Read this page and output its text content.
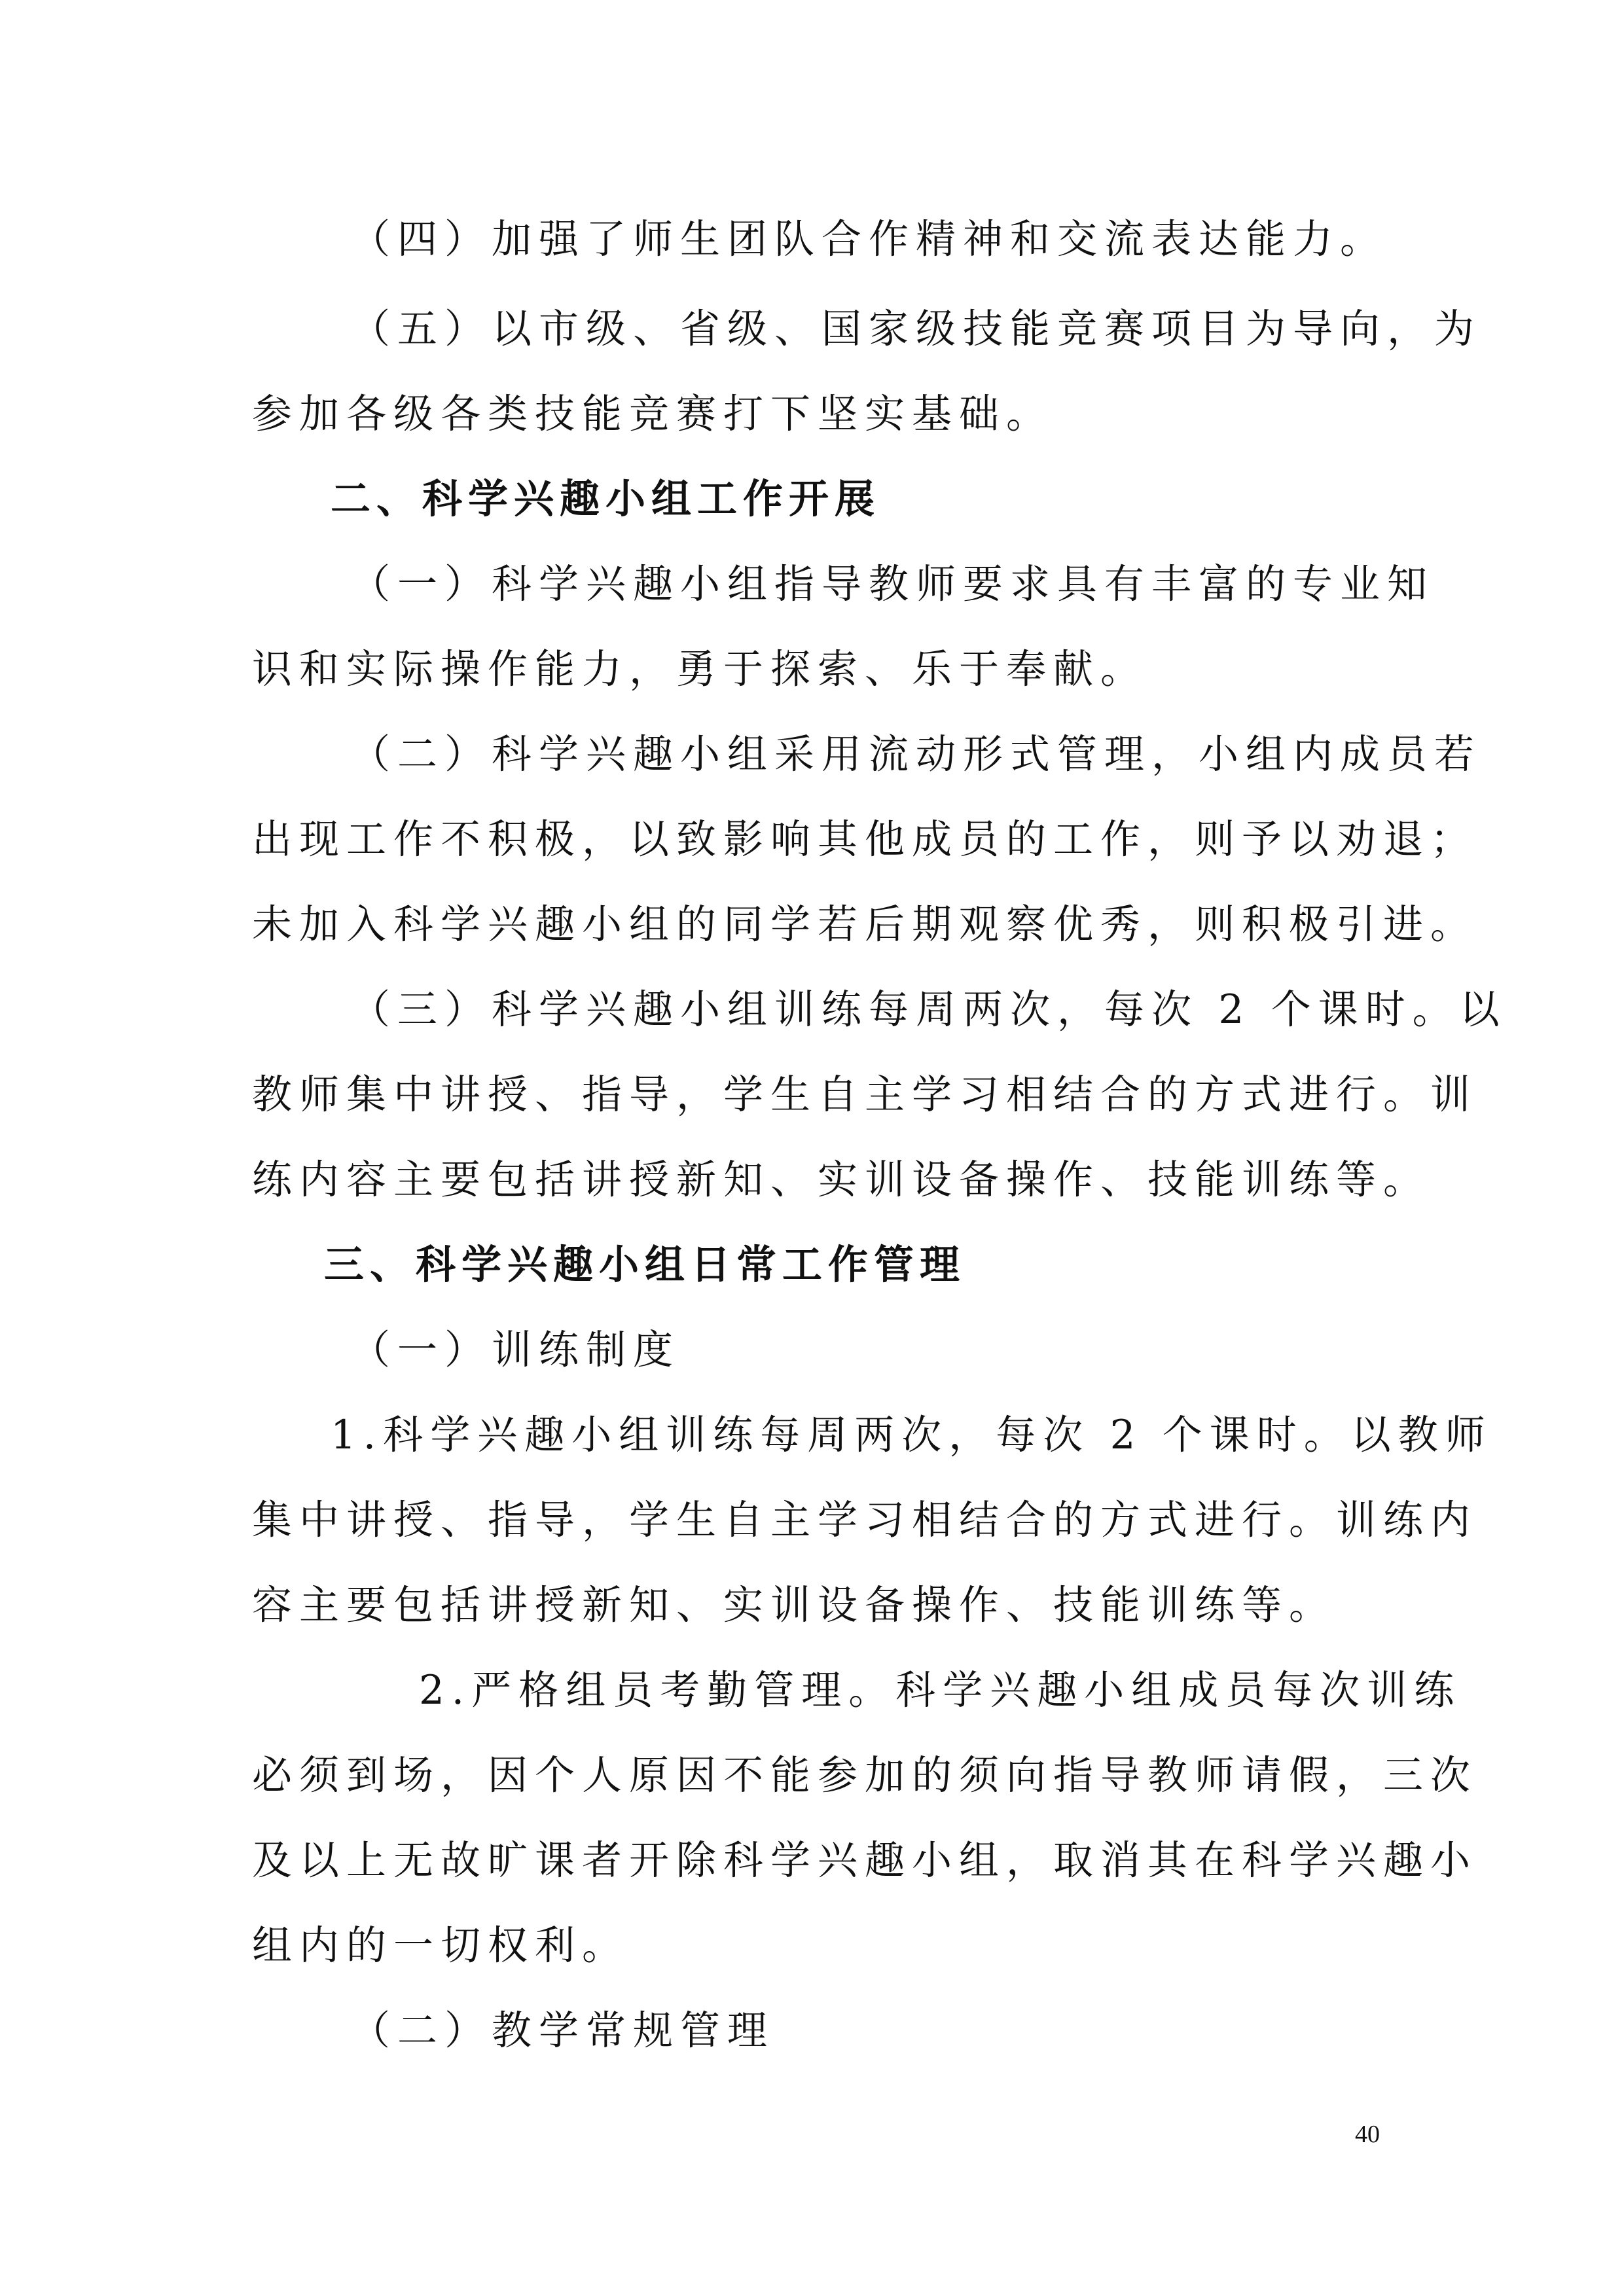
（四）加强了师生团队合作精神和交流表达能力。
（五）以市级、省级、国家级技能竞赛项目为导向，为
参加各级各类技能竞赛打下坚实基础。
二、科学兴趣小组工作开展
（一）科学兴趣小组指导教师要求具有丰富的专业知
识和实际操作能力，勇于探索、乐于奉献。
（二）科学兴趣小组采用流动形式管理，小组内成员若
出现工作不积极，以致影响其他成员的工作，则予以劝退；
未加入科学兴趣小组的同学若后期观察优秀，则积极引进。
（三）科学兴趣小组训练每周两次，每次 2 个课时。以
教师集中讲授、指导，学生自主学习相结合的方式进行。训
练内容主要包括讲授新知、实训设备操作、技能训练等。
三、科学兴趣小组日常工作管理
（一）训练制度
1.科学兴趣小组训练每周两次，每次 2 个课时。以教师
集中讲授、指导，学生自主学习相结合的方式进行。训练内
容主要包括讲授新知、实训设备操作、技能训练等。
2.严格组员考勤管理。科学兴趣小组成员每次训练
必须到场，因个人原因不能参加的须向指导教师请假，三次
及以上无故旷课者开除科学兴趣小组，取消其在科学兴趣小
组内的一切权利。
（二）教学常规管理
40
